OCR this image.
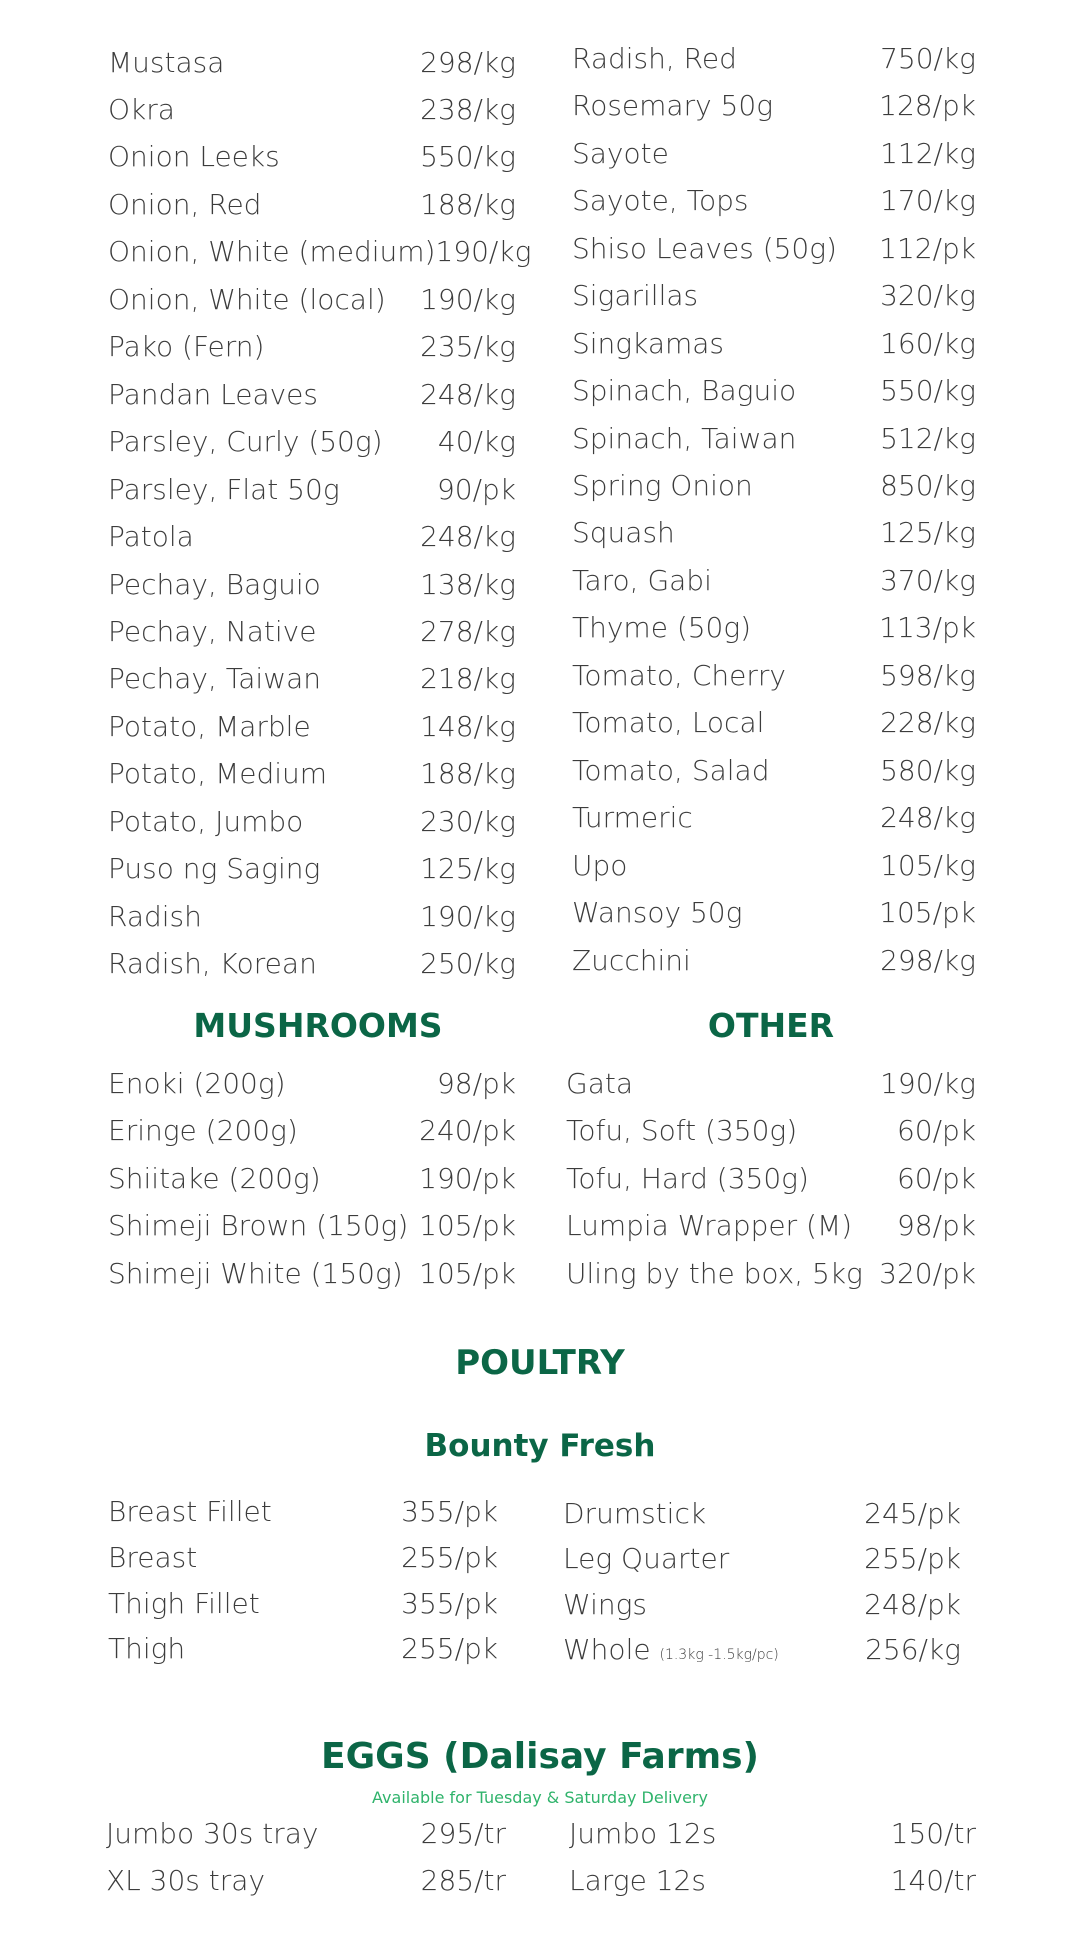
Mustasa	298/kg
Okra	238/kg
Onion Leeks	550/kg
Onion, Red	188/kg
Onion, White (medium) 190/kg
Onion, White (local) 190/kg
Pako (Fern)	235/kg
Pandan Leaves	248/kg
Parsley, Curly (50g) 40/kg
Parsley, Flat 50g	90/pk
Patola	248/kg
Pechay, Baguio	138/kg
Pechay, Native	278/kg
Pechay, Taiwan	218/kg
Potato, Marble	148/kg
Potato, Medium	188/kg
Potato, Jumbo	230/kg
Puso ng Saging	125/kg
Radish	190/kg
Radish, Korean	250/kg
Radish, Red	750/kg
Rosemary 50g	128/pk
Sayote	112/kg
Sayote, Tops	170/kg
Shiso Leaves (50g) 112/pk
Sigarillas	320/kg
Singkamas	160/kg
Spinach, Baguio	550/kg
Spinach, Taiwan	512/kg
Spring Onion	850/kg
Squash	125/kg
Taro, Gabi	370/kg
Thyme (50g)	113/pk
Tomato, Cherry	598/kg
Tomato, Local	228/kg
Tomato, Salad	580/kg
Turmeric	248/kg
Upo	105/kg
Wansoy 50g	105/pk
Zucchini	298/kg
MUSHROOMS
Enoki (200g)	98/pk
Eringe (200g)	240/pk
Shiitake (200g)	190/pk
Shimeji Brown (150g) 105/pk
Shimeji White (150g) 105/pk
OTHER
Gata	190/kg
Tofu, Soft (350g)	60/pk
Tofu, Hard (350g)	60/pk
Lumpia Wrapper (M) 98/pk
Uling by the box, 5kg 320/pk
POULTRY
Bounty Fresh
Breast Fillet	355/pk
Breast	255/pk
Thigh Fillet	355/pk
Thigh	255/pk
Drumstick	245/pk
Leg Quarter	255/pk
Wings	248/pk
Whole (1.3kg -1.5kg/pc)	256/kg
EGGS (Dalisay Farms)
Available for Tuesday & Saturday Delivery
Jumbo 30s tray	295/tr
XL 30s tray	285/tr
Jumbo 12s	150/tr
Large 12s	140/tr
